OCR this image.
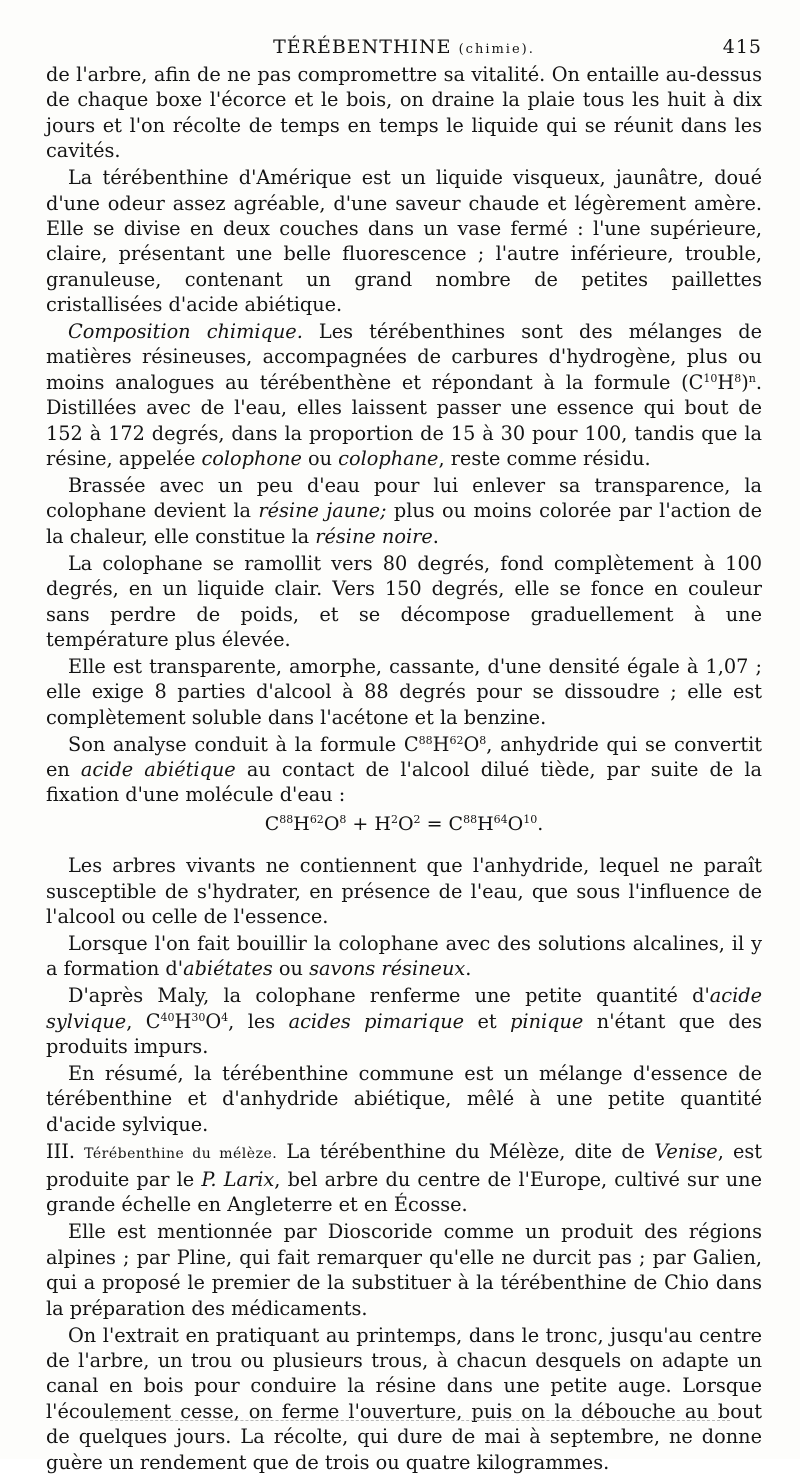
TÉRÉBENTHINE (chimie).	415

de l'arbre, afin de ne pas compromettre sa vitalité. On entaille au-dessus de chaque boxe l'écorce et le bois, on draine la plaie tous les huit à dix jours et l'on récolte de temps en temps le liquide qui se réunit dans les cavités.

La térébenthine d'Amérique est un liquide visqueux, jaunâtre, doué d'une odeur assez agréable, d'une saveur chaude et légèrement amère. Elle se divise en deux couches dans un vase fermé : l'une supérieure, claire, présentant une belle fluorescence ; l'autre inférieure, trouble, granuleuse, contenant un grand nombre de petites paillettes cristallisées d'acide abiétique.

Composition chimique. Les térébenthines sont des mélanges de matières résineuses, accompagnées de carbures d'hydrogène, plus ou moins analogues au térébenthène et répondant à la formule $(C^{10}H^8)^n$. Distillées avec de l'eau, elles laissent passer une essence qui bout de 152 à 172 degrés, dans la proportion de 15 à 30 pour 100, tandis que la résine, appelée colophone ou colophane, reste comme résidu.

Brassée avec un peu d'eau pour lui enlever sa transparence, la colophane devient la résine jaune; plus ou moins colorée par l'action de la chaleur, elle constitue la résine noire.

La colophane se ramollit vers 80 degrés, fond complètement à 100 degrés, en un liquide clair. Vers 150 degrés, elle se fonce en couleur sans perdre de poids, et se décompose graduellement à une température plus élevée.

Elle est transparente, amorphe, cassante, d'une densité égale à 1,07 ; elle exige 8 parties d'alcool à 88 degrés pour se dissoudre ; elle est complètement soluble dans l'acétone et la benzine.

Son analyse conduit à la formule $C^{88}H^{62}O^8$, anhydride qui se convertit en acide abiétique au contact de l'alcool dilué tiède, par suite de la fixation d'une molécule d'eau :

$C^{88}H^{62}O^8 + H^2O^2 = C^{88}H^{64}O^{10}$.

Les arbres vivants ne contiennent que l'anhydride, lequel ne paraît susceptible de s'hydrater, en présence de l'eau, que sous l'influence de l'alcool ou celle de l'essence.

Lorsque l'on fait bouillir la colophane avec des solutions alcalines, il y a formation d'abiétates ou savons résineux.

D'après Maly, la colophane renferme une petite quantité d'acide sylvique, $C^{40}H^{30}O^4$, les acides pimarique et pinique n'étant que des produits impurs.

En résumé, la térébenthine commune est un mélange d'essence de térébenthine et d'anhydride abiétique, mêlé à une petite quantité d'acide sylvique.

III. Térébenthine du mélèze. La térébenthine du Mélèze, dite de Venise, est produite par le P. Larix, bel arbre du centre de l'Europe, cultivé sur une grande échelle en Angleterre et en Écosse.

Elle est mentionnée par Dioscoride comme un produit des régions alpines ; par Pline, qui fait remarquer qu'elle ne durcit pas ; par Galien, qui a proposé le premier de la substituer à la térébenthine de Chio dans la préparation des médicaments.

On l'extrait en pratiquant au printemps, dans le tronc, jusqu'au centre de l'arbre, un trou ou plusieurs trous, à chacun desquels on adapte un canal en bois pour conduire la résine dans une petite auge. Lorsque l'écoulement cesse, on ferme l'ouverture, puis on la débouche au bout de quelques jours. La récolte, qui dure de mai à septembre, ne donne guère un rendement que de trois ou quatre kilogrammes.
